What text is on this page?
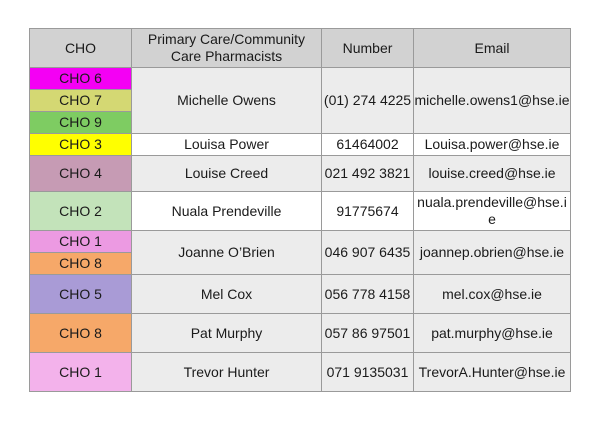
CHO	Primary Care/Community Care Pharmacists	Number	Email
CHO 6	Michelle Owens	(01) 274 4225	michelle.owens1@hse.ie
CHO 7			
CHO 9			
CHO 3	Louisa Power	61464002	Louisa.power@hse.ie
CHO 4	Louise Creed	021 492 3821	louise.creed@hse.ie
CHO 2	Nuala Prendeville	91775674	nuala.prendeville@hse.ie
CHO 1	Joanne O’Brien	046 907 6435	joannep.obrien@hse.ie
CHO 8			
CHO 5	Mel Cox	056 778 4158	mel.cox@hse.ie
CHO 8	Pat Murphy	057 86 97501	pat.murphy@hse.ie
CHO 1	Trevor Hunter	071 9135031	TrevorA.Hunter@hse.ie
